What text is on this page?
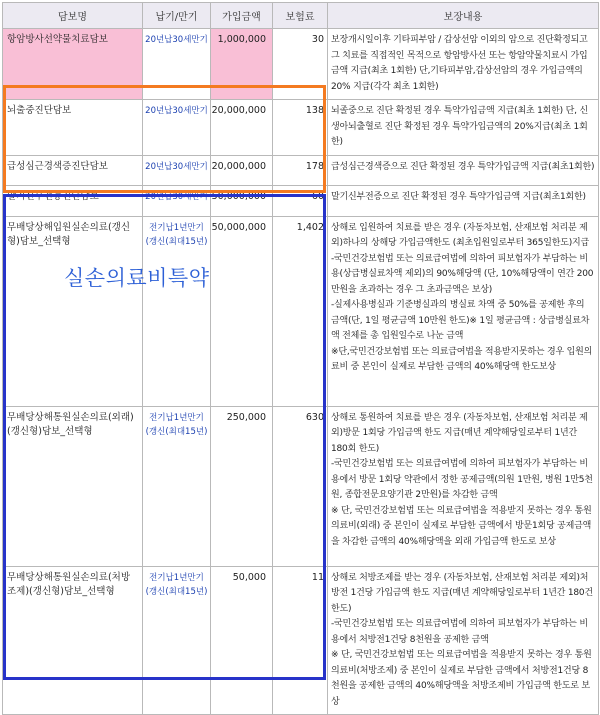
담보명	납기/만기	가입금액	보험료	보장내용
항암방사선약물치료담보	20년납30세만기	1,000,000	30	보장개시일이후 기타피부암 / 갑상선암 이외의 암으로 진단확정되고 그 치료를 직접적인 목적으로 항암방사선 또는 항암약물치료시 가입금액 지급(최초 1회한) 단,기타피부암,갑상선암의 경우 가입금액의 20% 지급(각각 최초 1회한)
뇌출중진단담보	20년납30세만기	20,000,000	138	뇌졸중으로 진단 확정된 경우 특약가입금액 지급(최초 1회한) 단, 신생아뇌출혈로 진단 확정된 경우 특약가입금액의 20%지급(최초 1회한)
급성심근경색증진단담보	20년납30세만기	20,000,000	178	급성심근경색증으로 진단 확정된 경우 특약가입금액 지급(최초1회한)
말기신부전증진단담보	20년납30세만기	50,000,000	60	말기신부전증으로 진단 확정된 경우 특약가입금액 지급(최초1회한)
무배당상해입원실손의료(갱신형)담보_선택형	전기납1년만기(갱신(최대15년)	50,000,000	1,402	상해로 입원하여 치료를 받은 경우 (자동차보험, 산재보험 처리분 제외)하나의 상해당 가입금액한도 (최초입원일로부터 365일한도)지급
-국민건강보험법 또는 의료급여법에 의하여 피보험자가 부담하는 비용(상급병실료차액 제외)의 90%해당액 (단, 10%해당액이 연간 200만원을 초과하는 경우 그 초과금액은 보상)
-실제사용병실과 기준병실과의 병실료 차액 중 50%를 공제한 후의 금액(단, 1일 평균금액 10만원 한도)※ 1일 평균금액 : 상급병실료차액 전체를 총 입원일수로 나눈 금액
※단,국민건강보험법 또는 의료급여법을 적용받지못하는 경우 입원의료비 중 본인이 실제로 부담한 금액의 40%해당액 한도보상
무배당상해통원실손의료(외래)(갱신형)담보_선택형	전기납1년만기(갱신(최대15년)	250,000	630	상해로 통원하여 치료를 받은 경우 (자동차보험, 산재보험 처리분 제외)방문 1회당 가입금액 한도 지급(매년 계약해당일로부터 1년간 180회 한도)
-국민건강보험법 또는 의료급여법에 의하여 피보험자가 부담하는 비용에서 방문 1회당 약관에서 정한 공제금액(의원 1만원, 병원 1만5천원, 종합전문요양기관 2만원)를 차감한 금액
※ 단, 국민건강보험법 또는 의료급여법을 적용받지 못하는 경우 통원의료비(외래) 중 본인이 실제로 부담한 금액에서 방문1회당 공제금액을 차감한 금액의 40%해당액을 외래 가입금액 한도로 보상
무배당상해통원실손의료(처방조제)(갱신형)담보_선택형	전기납1년만기(갱신(최대15년)	50,000	11	상해로 처방조제를 받는 경우 (자동차보험, 산재보험 처리분 제외)처방전 1건당 가입금액 한도 지급(매년 계약해당일로부터 1년간 180건 한도)
-국민건강보험법 또는 의료급여법에 의하여 피보험자가 부담하는 비용에서 처방전1건당 8천원을 공제한 금액
※ 단, 국민건강보험법 또는 의료급여법을 적용받지 못하는 경우 통원의료비(처방조제) 중 본인이 실제로 부담한 금액에서 처방전1건당 8천원을 공제한 금액의 40%해당액을 처방조제비 가입금액 한도로 보상
실손의료비특약
